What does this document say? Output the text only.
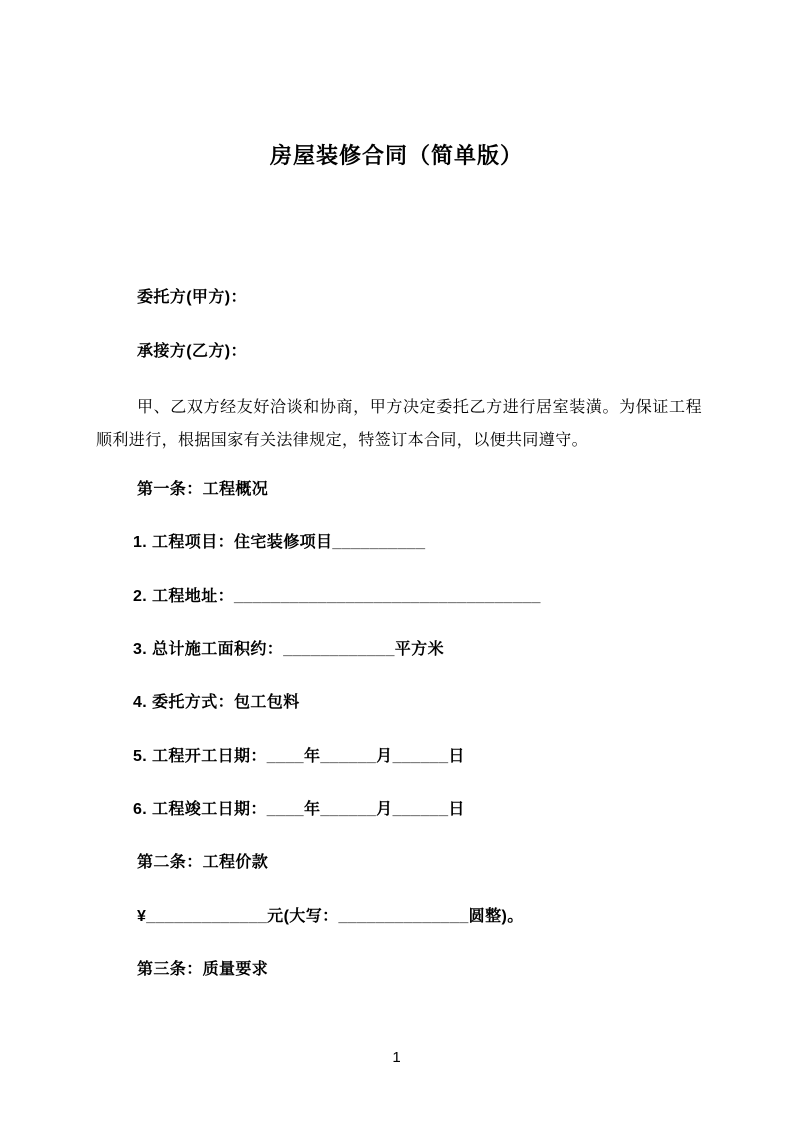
房屋装修合同（简单版）
委托方(甲方)：
承接方(乙方)：
甲、乙双方经友好洽谈和协商，甲方决定委托乙方进行居室装潢。为保证工程顺利进行，根据国家有关法律规定，特签订本合同，以便共同遵守。
第一条：工程概况
1. 工程项目：住宅装修项目__________
2. 工程地址：_________________________________
3. 总计施工面积约：____________平方米
4. 委托方式：包工包料
5. 工程开工日期：____年______月______日
6. 工程竣工日期：____年______月______日
第二条：工程价款
¥_____________元(大写：______________圆整)。
第三条：质量要求
1
